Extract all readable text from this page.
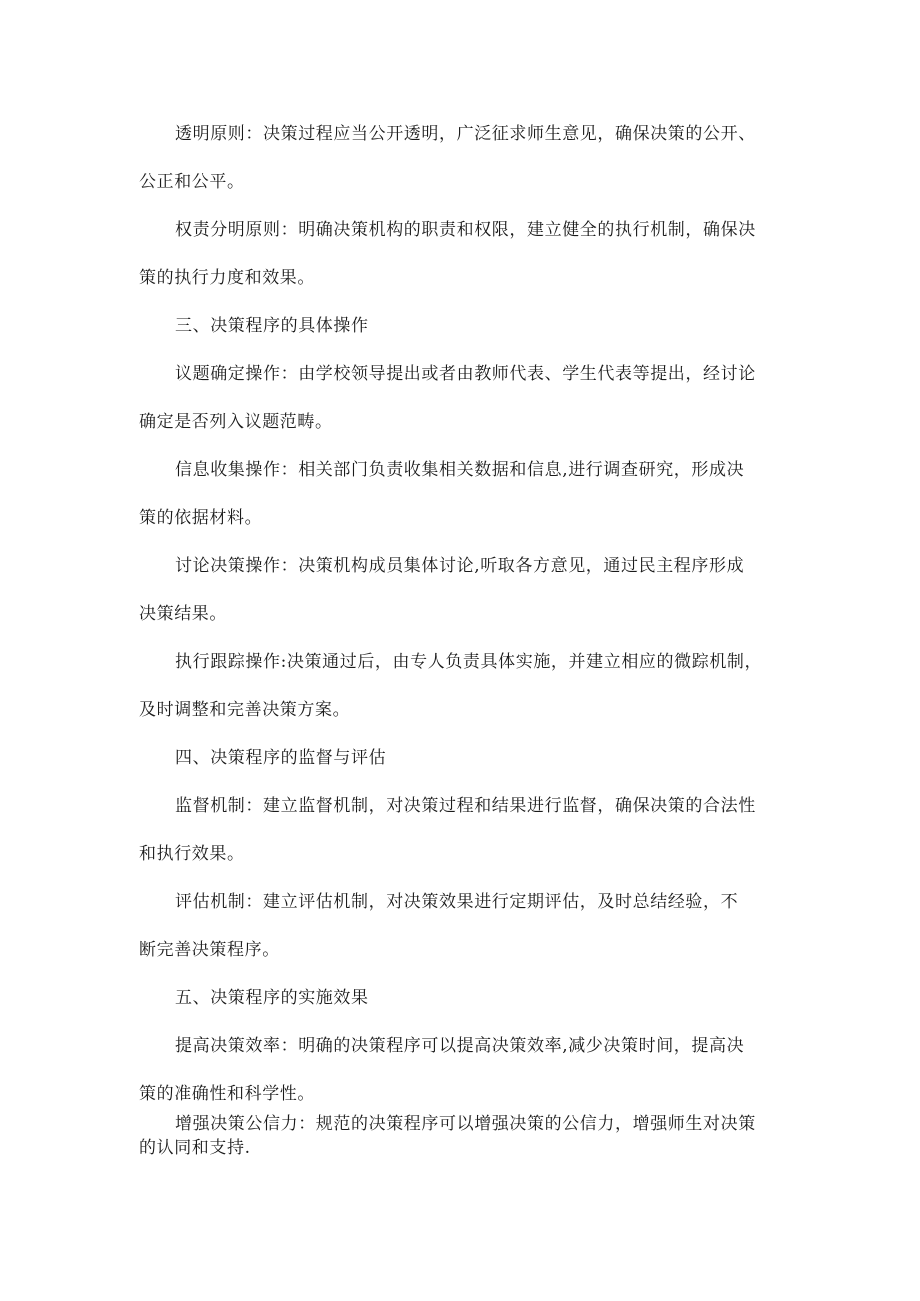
透明原则：决策过程应当公开透明，广泛征求师生意见，确保决策的公开、
公正和公平。
权责分明原则：明确决策机构的职责和权限，建立健全的执行机制，确保决
策的执行力度和效果。
三、决策程序的具体操作
议题确定操作：由学校领导提出或者由教师代表、学生代表等提出，经讨论
确定是否列入议题范畴。
信息收集操作：相关部门负责收集相关数据和信息,进行调查研究，形成决
策的依据材料。
讨论决策操作：决策机构成员集体讨论,听取各方意见，通过民主程序形成
决策结果。
执行跟踪操作:决策通过后，由专人负责具体实施，并建立相应的微踪机制，
及时调整和完善决策方案。
四、决策程序的监督与评估
监督机制：建立监督机制，对决策过程和结果进行监督，确保决策的合法性
和执行效果。
评估机制：建立评估机制，对决策效果进行定期评估，及时总结经验，不
断完善决策程序。
五、决策程序的实施效果
提高决策效率：明确的决策程序可以提高决策效率,减少决策时间，提高决
策的准确性和科学性。
增强决策公信力：规范的决策程序可以增强决策的公信力，增强师生对决策
的认同和支持.
